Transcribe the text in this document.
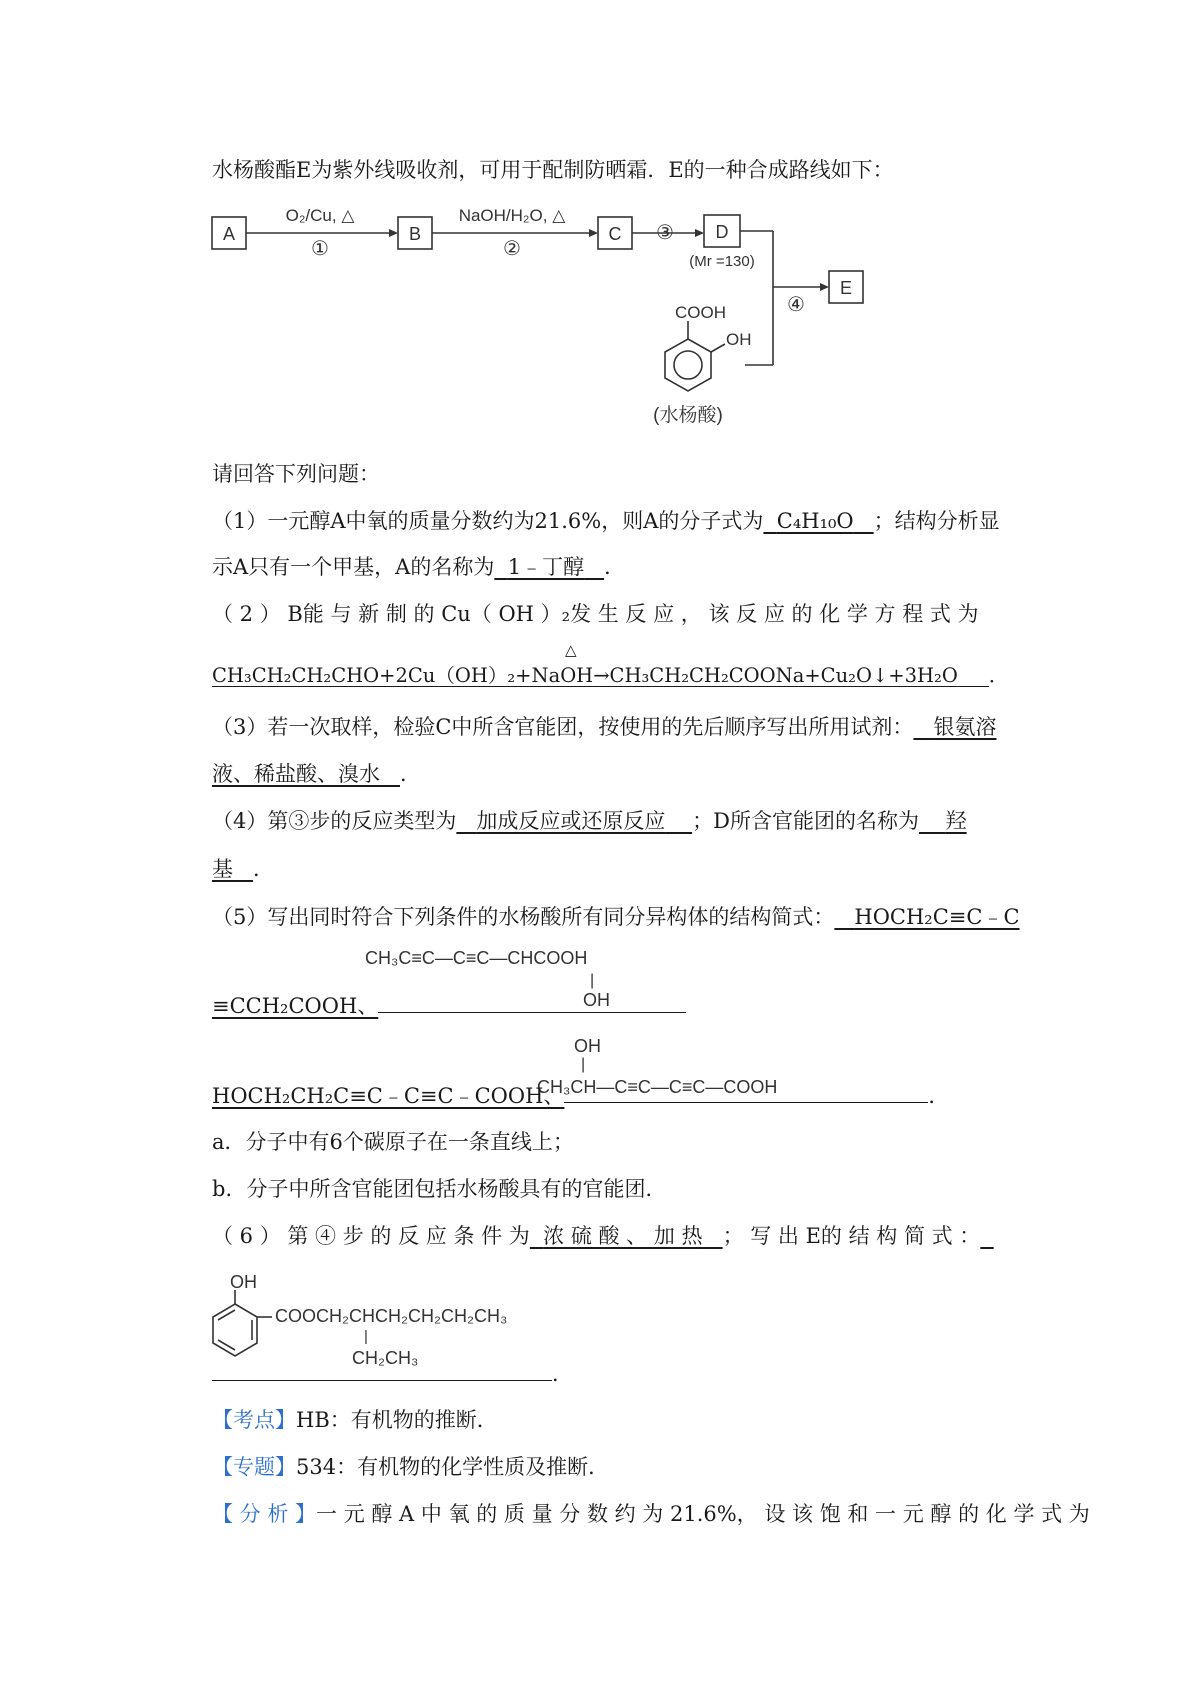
水杨酸酯E为紫外线吸收剂，可用于配制防晒霜．E的一种合成路线如下：
A	B	C	D
E
O₂/Cu, △
①
NaOH/H₂O, △
②
③
(Mr =130)
④
COOH
OH
(水杨酸)
请回答下列问题：
（1）一元醇A中氧的质量分数约为21.6%，则A的分子式为 C₄H₁₀O ；结构分析显
示A只有一个甲基，A的名称为 1﹣丁醇 ．
（ 2 ） B能 与 新 制 的 Cu（ OH ）₂发 生 反 应 ， 该 反 应 的 化 学 方 程 式 为
△
CH₃CH₂CH₂CHO+2Cu（OH）₂+NaOH→CH₃CH₂CH₂COONa+Cu₂O↓+3H₂O ．
（3）若一次取样，检验C中所含官能团，按使用的先后顺序写出所用试剂： 银氨溶
液、稀盐酸、溴水 ．
（4）第③步的反应类型为 加成反应或还原反应 ；D所含官能团的名称为 羟
基 ．
（5）写出同时符合下列条件的水杨酸所有同分异构体的结构简式： HOCH₂C≡C﹣C
CH₃C≡C—C≡C—CHCOOH
|
OH
≡CCH₂COOH、
OH
|
CH₃CH—C≡C—C≡C—COOH
HOCH₂CH₂C≡C﹣C≡C﹣COOH、	．
a．分子中有6个碳原子在一条直线上；
b．分子中所含官能团包括水杨酸具有的官能团．
（ 6 ） 第 ④ 步 的 反 应 条 件 为 浓 硫 酸 、 加 热 ； 写 出 E的 结 构 简 式 ：
OH
COOCH₂CHCH₂CH₂CH₂CH₃
|
CH₂CH₃
．
【考点】HB：有机物的推断．
【专题】534：有机物的化学性质及推断．
【 分 析 】一 元 醇 A 中 氧 的 质 量 分 数 约 为 21.6%， 设 该 饱 和 一 元 醇 的 化 学 式 为
